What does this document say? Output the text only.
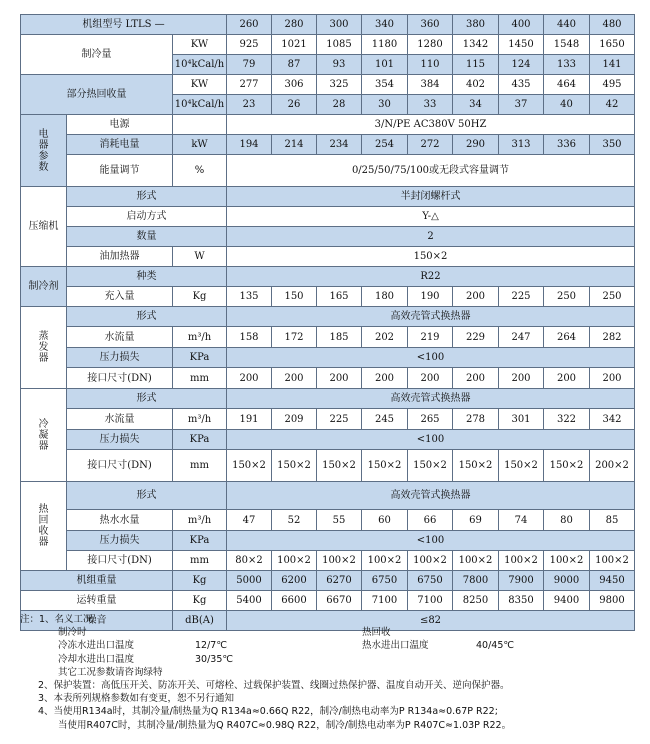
机组型号 LTLS —			260	280	300	340	360	380	400	440	480
制冷量		KW	925	1021	1085	1180	1280	1342	1450	1548	1650
		10⁴kCal/h	79	87	93	101	110	115	124	133	141
部分热回收量		KW	277	306	325	354	384	402	435	464	495
		10⁴kCal/h	23	26	28	30	33	34	37	40	42

电
器
参
数	电源		3/N/PE AC380V 50HZ								
	消耗电量	kW	194	214	234	254	272	290	313	336	350
	能量调节	%	0/25/50/75/100或无段式容量调节								
压缩机	形式		半封闭螺杆式								
	启动方式		Y-△								
	数量		2								
	油加热器	W	150×2								
制冷剂	种类		R22								
	充入量	Kg	135	150	165	180	190	200	225	250	250

蒸
发
器	形式		高效壳管式换热器								
	水流量	m³/h	158	172	185	202	219	229	247	264	282
	压力损失	KPa	<100								
	接口尺寸(DN)	mm	200	200	200	200	200	200	200	200	200

冷
凝
器	形式		高效壳管式换热器								
	水流量	m³/h	191	209	225	245	265	278	301	322	342
	压力损失	KPa	<100								
	接口尺寸(DN)	mm	150×2	150×2	150×2	150×2	150×2	150×2	150×2	150×2	200×2

热
回
收
器	形式		高效壳管式换热器								
	热水水量	m³/h	47	52	55	60	66	69	74	80	85
	压力损失	KPa	<100								
	接口尺寸(DN)	mm	80×2	100×2	100×2	100×2	100×2	100×2	100×2	100×2	100×2
机组重量		Kg	5000	6200	6270	6750	6750	7800	7900	9000	9450
运转重量		Kg	5400	6600	6670	7100	7100	8250	8350	9400	9800
噪音		dB(A)	≤82								
注：1、名义工况
制冷时	热回收
冷冻水进出口温度	12/7℃	热水进出口温度	40/45℃
冷却水进出口温度	30/35℃
其它工况参数请咨询绿特
2、保护装置：高低压开关、防冻开关、可熔栓、过载保护装置、线圈过热保护器、温度自动开关、逆向保护器。
3、本表所列规格参数如有变更，恕不另行通知
4、当使用R134a时，其制冷量/制热量为Q R134a≈0.66Q R22，制冷/制热电动率为P R134a≈0.67P R22;
当使用R407C时，其制冷量/制热量为Q R407C≈0.98Q R22，制冷/制热电动率为P R407C≈1.03P R22。
